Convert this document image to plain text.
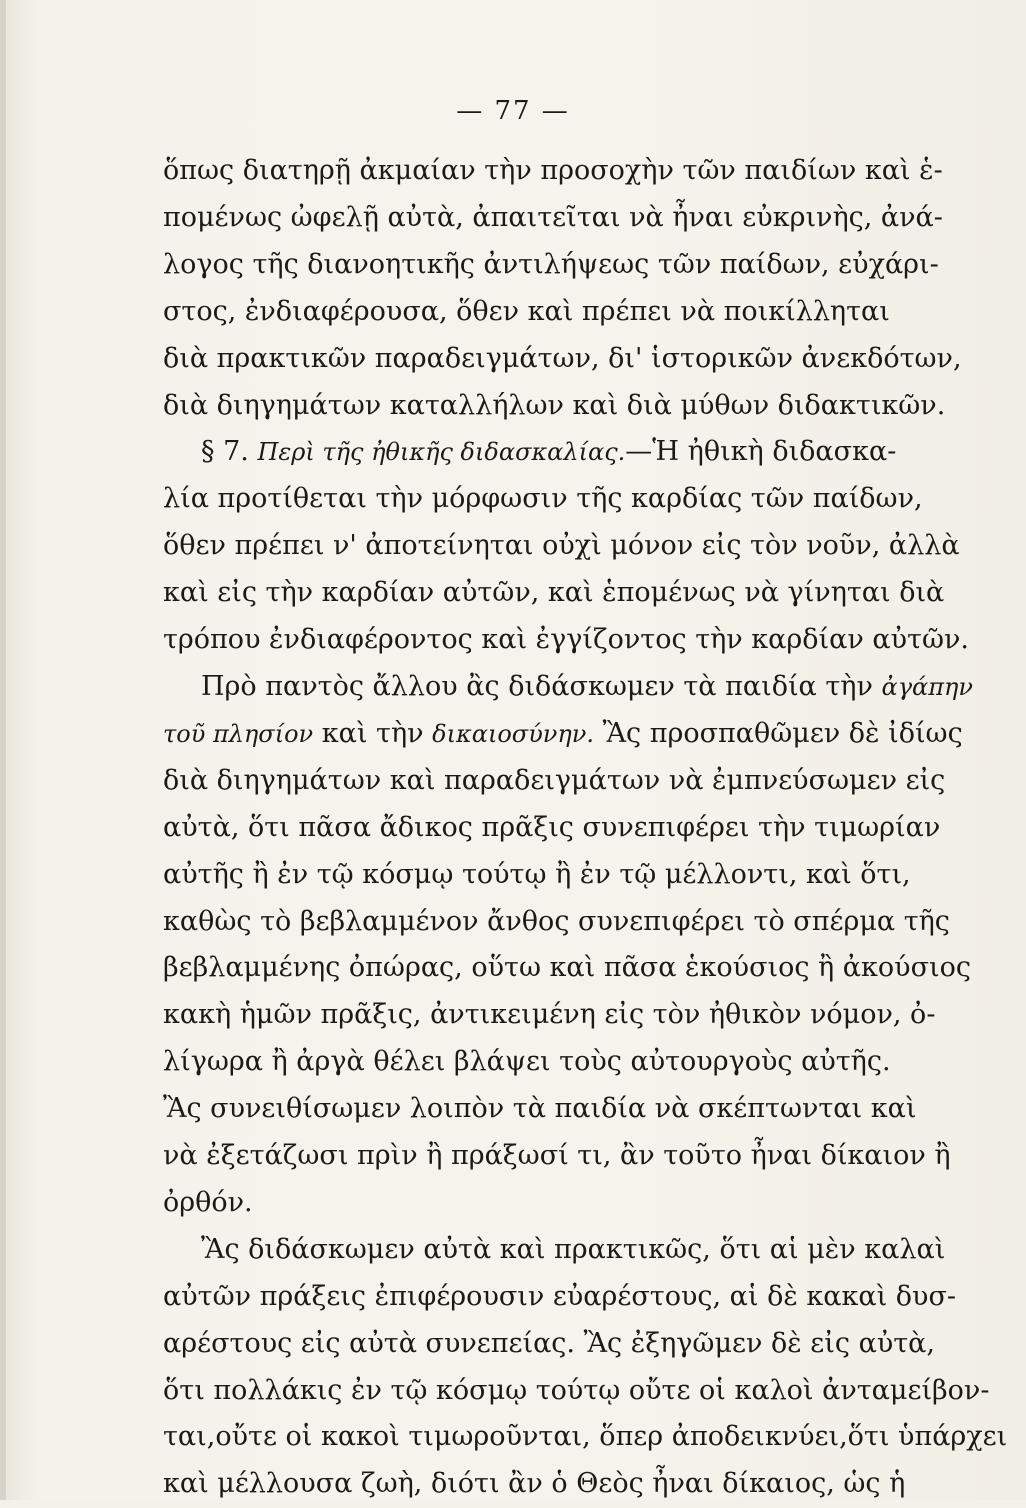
— 77 —
ὅπως διατηρῇ ἀκμαίαν τὴν προσοχὴν τῶν παιδίων καὶ ἑ-
πομένως ὠφελῇ αὐτὰ, ἀπαιτεῖται νὰ ἦναι εὐκρινὴς, ἀνά-
λογος τῆς διανοητικῆς ἀντιλήψεως τῶν παίδων, εὐχάρι-
στος, ἐνδιαφέρουσα, ὅθεν καὶ πρέπει νὰ ποικίλληται
διὰ πρακτικῶν παραδειγμάτων, δι' ἱστορικῶν ἀνεκδότων,
διὰ διηγημάτων καταλλήλων καὶ διὰ μύθων διδακτικῶν.
§ 7. Περὶ τῆς ἠθικῆς διδασκαλίας.—Ἡ ἠθικὴ διδασκα-
λία προτίθεται τὴν μόρφωσιν τῆς καρδίας τῶν παίδων,
ὅθεν πρέπει ν' ἀποτείνηται οὐχὶ μόνον εἰς τὸν νοῦν, ἀλλὰ
καὶ εἰς τὴν καρδίαν αὐτῶν, καὶ ἑπομένως νὰ γίνηται διὰ
τρόπου ἐνδιαφέροντος καὶ ἐγγίζοντος τὴν καρδίαν αὐτῶν.
Πρὸ παντὸς ἄλλου ἂς διδάσκωμεν τὰ παιδία τὴν ἀγάπην
τοῦ πλησίον καὶ τὴν δικαιοσύνην. Ἂς προσπαθῶμεν δὲ ἰδίως
διὰ διηγημάτων καὶ παραδειγμάτων νὰ ἐμπνεύσωμεν εἰς
αὐτὰ, ὅτι πᾶσα ἄδικος πρᾶξις συνεπιφέρει τὴν τιμωρίαν
αὐτῆς ἢ ἐν τῷ κόσμῳ τούτῳ ἢ ἐν τῷ μέλλοντι, καὶ ὅτι,
καθὼς τὸ βεβλαμμένον ἄνθος συνεπιφέρει τὸ σπέρμα τῆς
βεβλαμμένης ὀπώρας, οὕτω καὶ πᾶσα ἑκούσιος ἢ ἀκούσιος
κακὴ ἡμῶν πρᾶξις, ἀντικειμένη εἰς τὸν ἠθικὸν νόμον, ὀ-
λίγωρα ἢ ἀργὰ θέλει βλάψει τοὺς αὐτουργοὺς αὐτῆς.
Ἂς συνειθίσωμεν λοιπὸν τὰ παιδία νὰ σκέπτωνται καὶ
νὰ ἐξετάζωσι πρὶν ἢ πράξωσί τι, ἂν τοῦτο ἦναι δίκαιον ἢ
ὀρθόν.
Ἂς διδάσκωμεν αὐτὰ καὶ πρακτικῶς, ὅτι αἱ μὲν καλαὶ
αὐτῶν πράξεις ἐπιφέρουσιν εὐαρέστους, αἱ δὲ κακαὶ δυσ-
αρέστους εἰς αὐτὰ συνεπείας. Ἂς ἐξηγῶμεν δὲ εἰς αὐτὰ,
ὅτι πολλάκις ἐν τῷ κόσμῳ τούτῳ οὔτε οἱ καλοὶ ἀνταμείβον-
ται,οὔτε οἱ κακοὶ τιμωροῦνται, ὅπερ ἀποδεικνύει,ὅτι ὑπάρχει
καὶ μέλλουσα ζωὴ, διότι ἂν ὁ Θεὸς ἦναι δίκαιος, ὡς ἡ
